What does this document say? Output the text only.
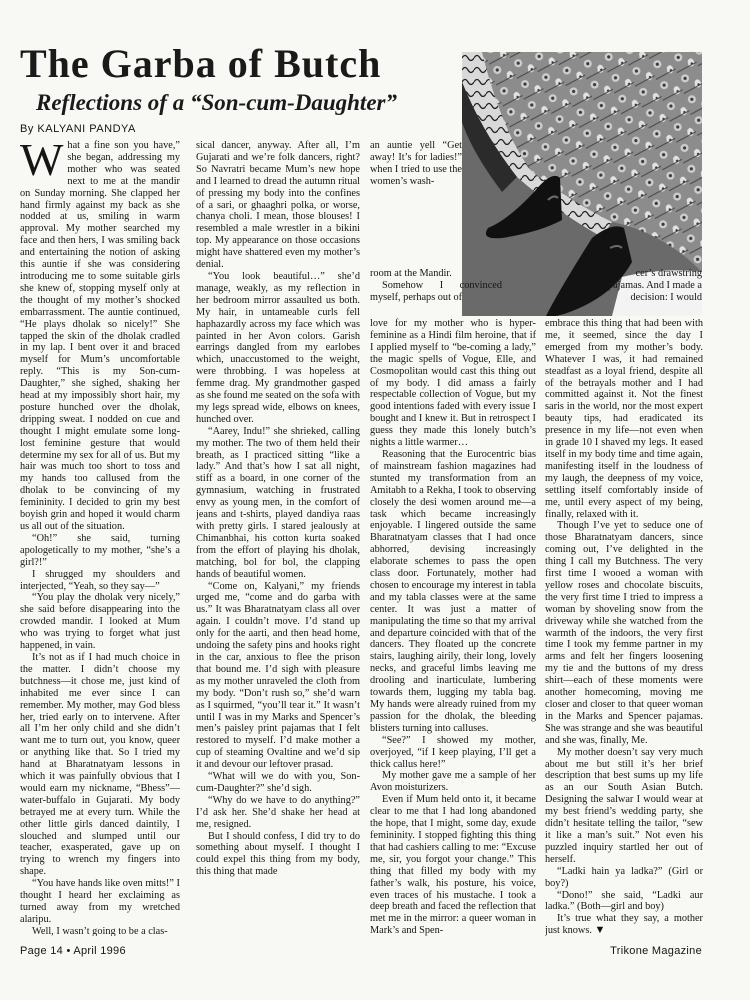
The Garba of Butch
Reflections of a “Son-cum-Daughter”
By KALYANI PANDYA

What a fine son you have,” she began, addressing my mother who was seated next to me at the mandir on Sunday morning. She clapped her hand firmly against my back as she nodded at us, smiling in warm approval. My mother searched my face and then hers, I was smiling back and entertaining the notion of asking this auntie if she was considering introducing me to some suitable girls she knew of, stopping myself only at the thought of my mother’s shocked embarrassment. The auntie continued, “He plays dholak so nicely!” She tapped the skin of the dholak cradled in my lap. I bent over it and braced myself for Mum’s uncomfortable reply. “This is my Son-cum-Daughter,” she sighed, shaking her head at my impossibly short hair, my posture hunched over the dholak, dripping sweat. I nodded on cue and thought I might emulate some long-lost feminine gesture that would determine my sex for all of us. But my hair was much too short to toss and my hands too callused from the dholak to be convincing of my femininity. I decided to grin my best boyish grin and hoped it would charm us all out of the situation.

“Oh!” she said, turning apologetically to my mother, “she’s a girl?!”

I shrugged my shoulders and interjected, “Yeah, so they say—”

“You play the dholak very nicely,” she said before disappearing into the crowded mandir. I looked at Mum who was trying to forget what just happened, in vain.

It’s not as if I had much choice in the matter. I didn’t choose my butchness—it chose me, just kind of inhabited me ever since I can remember. My mother, may God bless her, tried early on to intervene. After all I’m her only child and she didn’t want me to turn out, you know, queer or anything like that. So I tried my hand at Bharatnatyam lessons in which it was painfully obvious that I would earn my nickname, “Bhess”—water-buffalo in Gujarati. My body betrayed me at every turn. While the other little girls danced daintily, I slouched and slumped until our teacher, exasperated, gave up on trying to wrench my fingers into shape.

“You have hands like oven mitts!” I thought I heard her exclaiming as turned away from my wretched alaripu.

Well, I wasn’t going to be a clas-

sical dancer, anyway. After all, I’m Gujarati and we’re folk dancers, right? So Navratri became Mum’s new hope and I learned to dread the autumn ritual of pressing my body into the confines of a sari, or ghaaghri polka, or worse, chanya choli. I mean, those blouses! I resembled a male wrestler in a bikini top. My appearance on those occasions might have shattered even my mother’s denial.

“You look beautiful…” she’d manage, weakly, as my reflection in her bedroom mirror assaulted us both. My hair, in untameable curls fell haphazardly across my face which was painted in her Avon colors. Garish earrings dangled from my earlobes which, unaccustomed to the weight, were throbbing. I was hopeless at femme drag. My grandmother gasped as she found me seated on the sofa with my legs spread wide, elbows on knees, hunched over.

“Aarey, Indu!” she shrieked, calling my mother. The two of them held their breath, as I practiced sitting “like a lady.” And that’s how I sat all night, stiff as a board, in one corner of the gymnasium, watching in frustrated envy as young men, in the comfort of jeans and t-shirts, played dandiya raas with pretty girls. I stared jealously at Chimanbhai, his cotton kurta soaked from the effort of playing his dholak, matching, bol for bol, the clapping hands of beautiful women.

“Come on, Kalyani,” my friends urged me, “come and do garba with us.” It was Bharatnatyam class all over again. I couldn’t move. I’d stand up only for the aarti, and then head home, undoing the safety pins and hooks right in the car, anxious to flee the prison that bound me. I’d sigh with pleasure as my mother unraveled the cloth from my body. “Don’t rush so,” she’d warn as I squirmed, “you’ll tear it.” It wasn’t until I was in my Marks and Spencer’s men’s paisley print pajamas that I felt restored to myself. I’d make mother a cup of steaming Ovaltine and we’d sip it and devour our leftover prasad.

“What will we do with you, Son-cum-Daughter?” she’d sigh.

“Why do we have to do anything?” I’d ask her. She’d shake her head at me, resigned.

But I should confess, I did try to do something about myself. I thought I could expel this thing from my body, this thing that made

an auntie yell “Get away! It’s for ladies!” when I tried to use the women’s wash-

room at the Mandir.

Somehow I convinced myself, perhaps out of

love for my mother who is hyper-feminine as a Hindi film heroine, that if I applied myself to “be-coming a lady,” the magic spells of Vogue, Elle, and Cosmopolitan would cast this thing out of my body. I did amass a fairly respectable collection of Vogue, but my good intentions faded with every issue I bought and I knew it. But in retrospect I guess they made this lonely butch’s nights a little warmer…

Reasoning that the Eurocentric bias of mainstream fashion magazines had stunted my transformation from an Amitabh to a Rekha, I took to observing closely the desi women around me—a task which became increasingly enjoyable. I lingered outside the same Bharatnatyam classes that I had once abhorred, devising increasingly elaborate schemes to pass the open class door. Fortunately, mother had chosen to encourage my interest in tabla and my tabla classes were at the same center. It was just a matter of manipulating the time so that my arrival and departure coincided with that of the dancers. They floated up the concrete stairs, laughing airily, their long, lovely necks, and graceful limbs leaving me drooling and inarticulate, lumbering towards them, lugging my tabla bag. My hands were already ruined from my passion for the dholak, the bleeding blisters turning into calluses.

“See?” I showed my mother, overjoyed, “if I keep playing, I’ll get a thick callus here!”

My mother gave me a sample of her Avon moisturizers.

Even if Mum held onto it, it became clear to me that I had long abandoned the hope, that I might, some day, exude femininity. I stopped fighting this thing that had cashiers calling to me: “Excuse me, sir, you forgot your change.” This thing that filled my body with my father’s walk, his posture, his voice, even traces of his mustache. I took a deep breath and faced the reflection that met me in the mirror: a queer woman in Mark’s and Spen-

cer’s drawstring pajamas. And I made a decision: I would

embrace this thing that had been with me, it seemed, since the day I emerged from my mother’s body. Whatever I was, it had remained steadfast as a loyal friend, despite all of the betrayals mother and I had committed against it. Not the finest saris in the world, nor the most expert beauty tips, had eradicated its presence in my life—not even when in grade 10 I shaved my legs. It eased itself in my body time and time again, manifesting itself in the loudness of my laugh, the deepness of my voice, settling itself comfortably inside of me, until every aspect of my being, finally, relaxed with it.

Though I’ve yet to seduce one of those Bharatnatyam dancers, since coming out, I’ve delighted in the thing I call my Butchness. The very first time I wooed a woman with yellow roses and chocolate biscuits, the very first time I tried to impress a woman by shoveling snow from the driveway while she watched from the warmth of the indoors, the very first time I took my femme partner in my arms and felt her fingers loosening my tie and the buttons of my dress shirt—each of these moments were another homecoming, moving me closer and closer to that queer woman in the Marks and Spencer pajamas. She was strange and she was beautiful and she was, finally, Me.

My mother doesn’t say very much about me but still it’s her brief description that best sums up my life as an our South Asian Butch. Designing the salwar I would wear at my best friend’s wedding party, she didn’t hesitate telling the tailor, “sew it like a man’s suit.” Not even his puzzled inquiry startled her out of herself.

“Ladki hain ya ladka?” (Girl or boy?)

“Dono!” she said, “Ladki aur ladka.” (Both—girl and boy)

It’s true what they say, a mother just knows. ▼

Page 14 • April 1996	Trikone Magazine
